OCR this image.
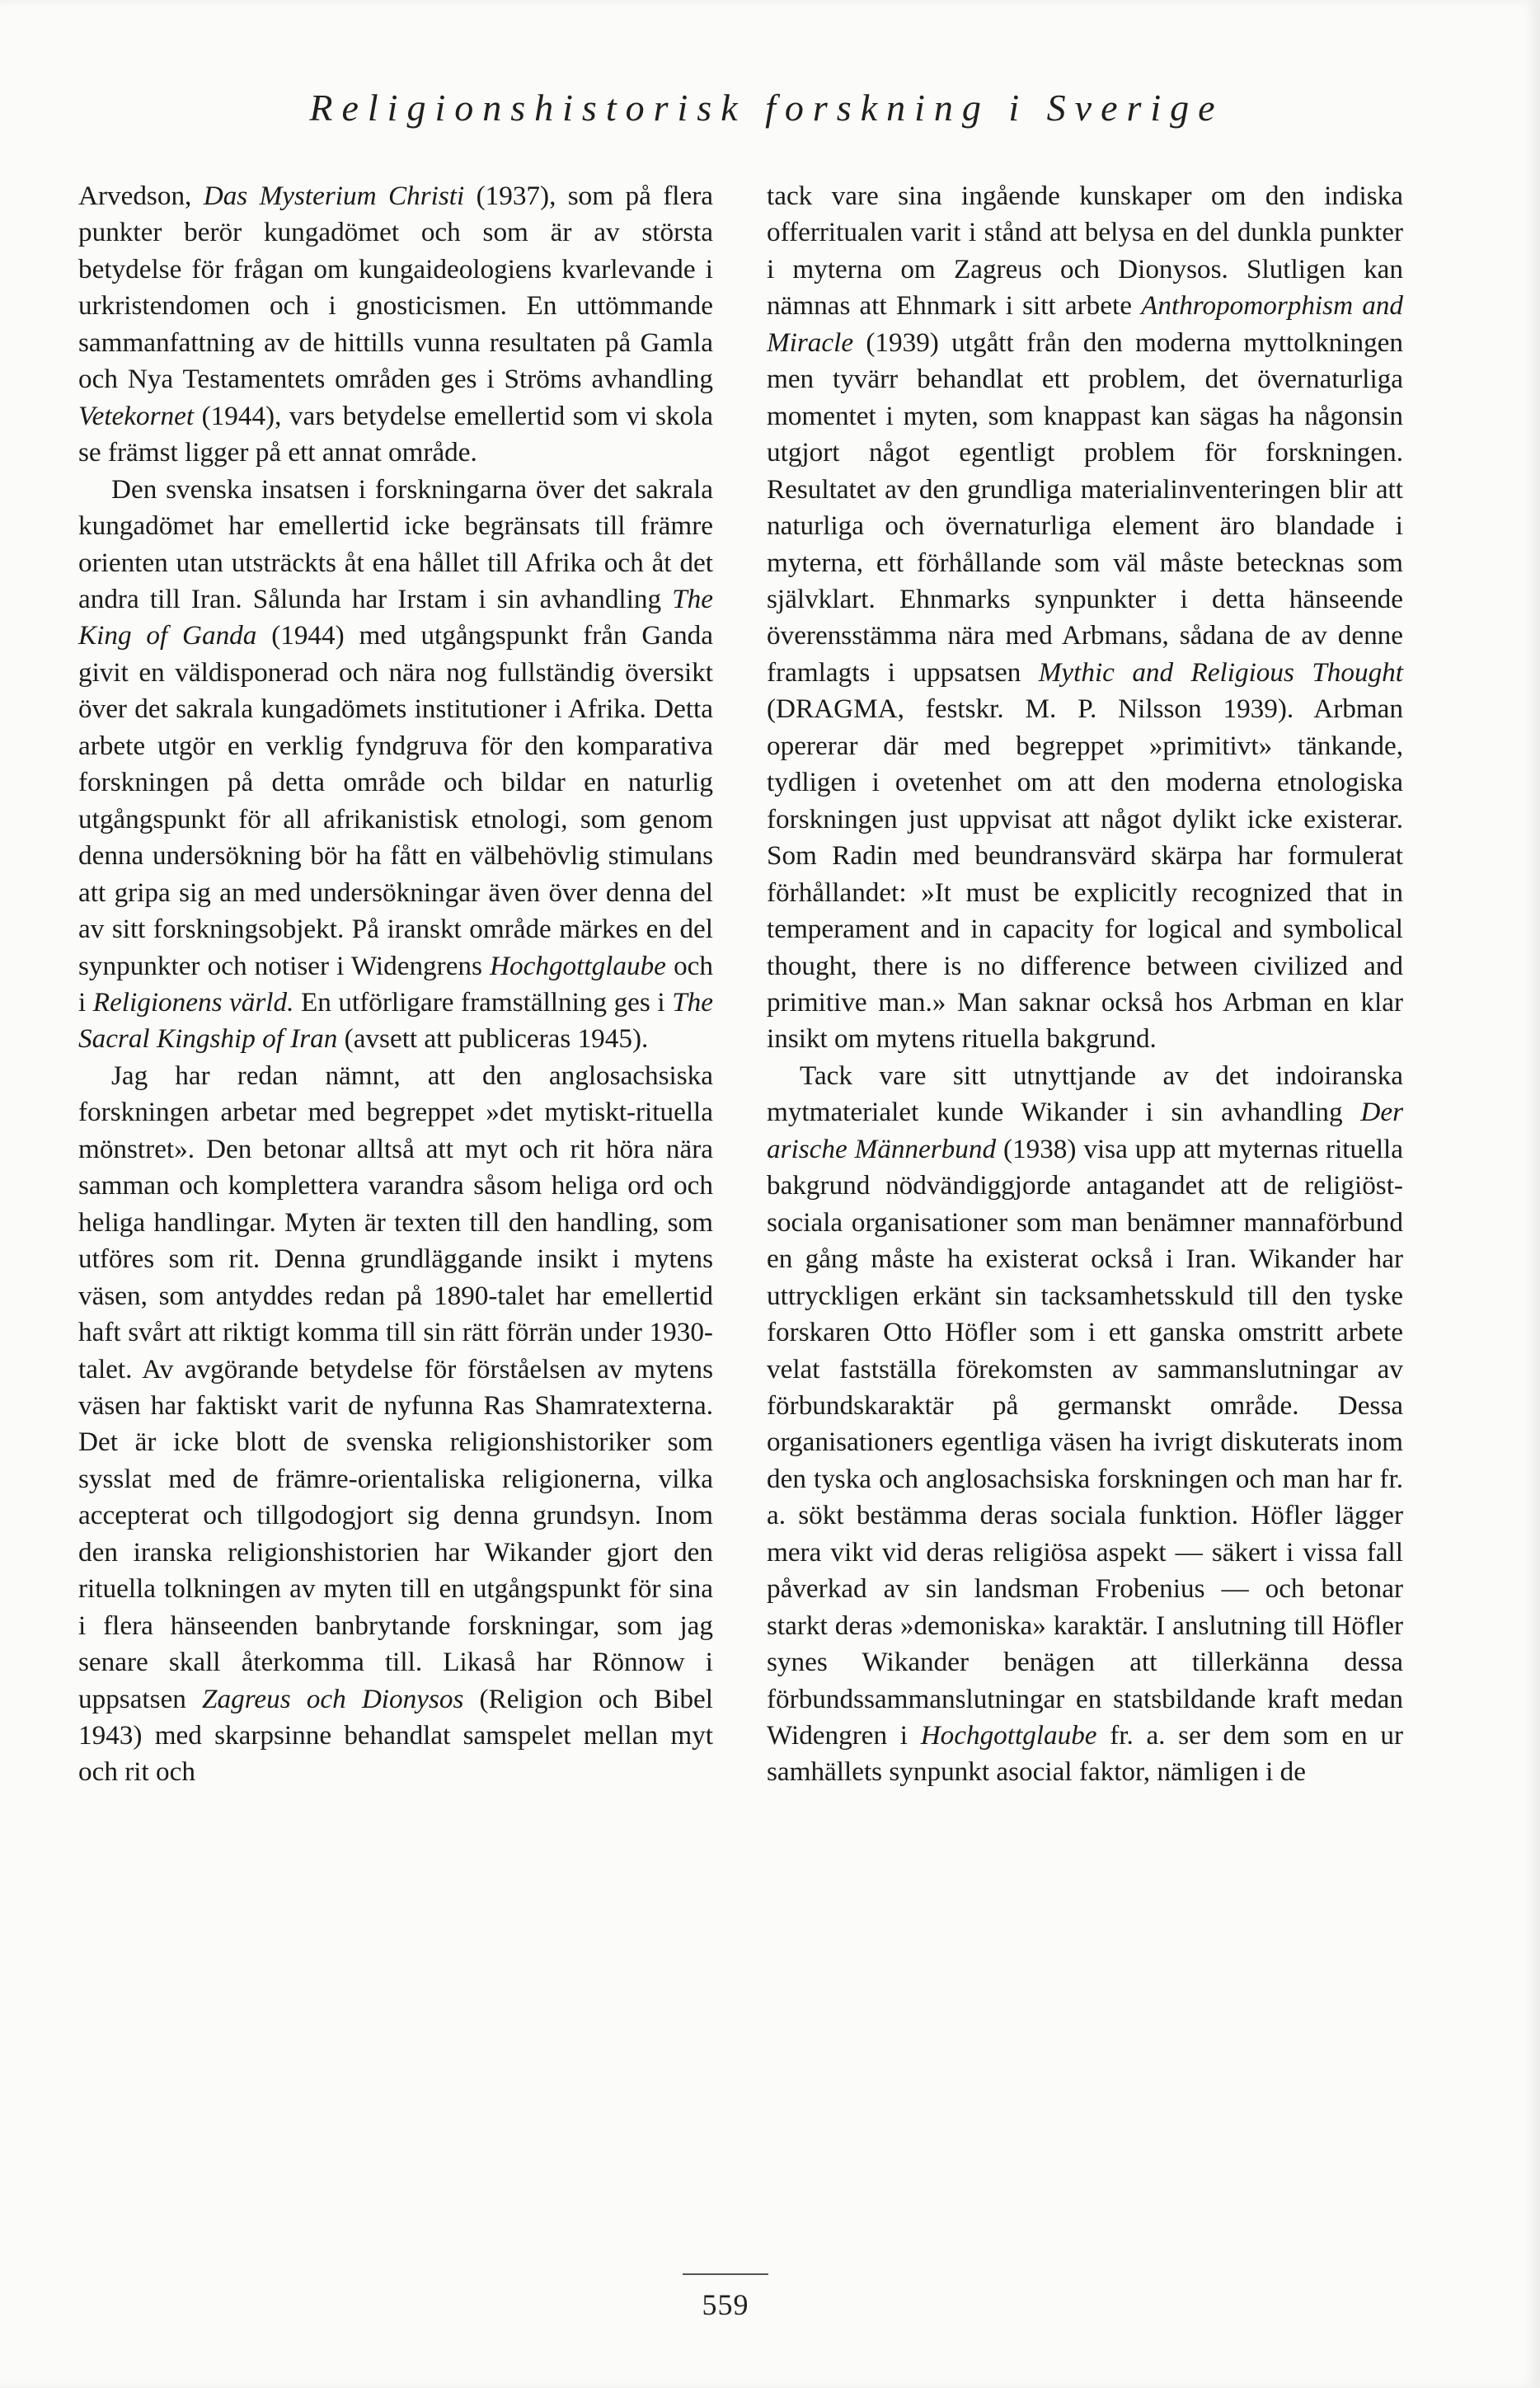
Religionshistorisk forskning i Sverige

Arvedson, Das Mysterium Christi (1937), som på flera punkter berör kungadömet och som är av största betydelse för frågan om kungaideologiens kvarlevande i urkristendomen och i gnosticismen. En uttömmande sammanfattning av de hittills vunna resultaten på Gamla och Nya Testamentets områden ges i Ströms avhandling Vetekornet (1944), vars betydelse emellertid som vi skola se främst ligger på ett annat område.

Den svenska insatsen i forskningarna över det sakrala kungadömet har emellertid icke begränsats till främre orienten utan utsträckts åt ena hållet till Afrika och åt det andra till Iran. Sålunda har Irstam i sin avhandling The King of Ganda (1944) med utgångspunkt från Ganda givit en väldisponerad och nära nog fullständig översikt över det sakrala kungadömets institutioner i Afrika. Detta arbete utgör en verklig fyndgruva för den komparativa forskningen på detta område och bildar en naturlig utgångspunkt för all afrikanistisk etnologi, som genom denna undersökning bör ha fått en välbehövlig stimulans att gripa sig an med undersökningar även över denna del av sitt forskningsobjekt. På iranskt område märkes en del synpunkter och notiser i Widengrens Hochgottglaube och i Religionens värld. En utförligare framställning ges i The Sacral Kingship of Iran (avsett att publiceras 1945).

Jag har redan nämnt, att den anglosachsiska forskningen arbetar med begreppet »det mytiskt-rituella mönstret». Den betonar alltså att myt och rit höra nära samman och komplettera varandra såsom heliga ord och heliga handlingar. Myten är texten till den handling, som utföres som rit. Denna grundläggande insikt i mytens väsen, som antyddes redan på 1890-talet har emellertid haft svårt att riktigt komma till sin rätt förrän under 1930-talet. Av avgörande betydelse för förståelsen av mytens väsen har faktiskt varit de nyfunna Ras Shamratexterna. Det är icke blott de svenska religionshistoriker som sysslat med de främre-orientaliska religionerna, vilka accepterat och tillgodogjort sig denna grundsyn. Inom den iranska religionshistorien har Wikander gjort den rituella tolkningen av myten till en utgångspunkt för sina i flera hänseenden banbrytande forskningar, som jag senare skall återkomma till. Likaså har Rönnow i uppsatsen Zagreus och Dionysos (Religion och Bibel 1943) med skarpsinne behandlat samspelet mellan myt och rit och

tack vare sina ingående kunskaper om den indiska offerritualen varit i stånd att belysa en del dunkla punkter i myterna om Zagreus och Dionysos. Slutligen kan nämnas att Ehnmark i sitt arbete Anthropomorphism and Miracle (1939) utgått från den moderna myttolkningen men tyvärr behandlat ett problem, det övernaturliga momentet i myten, som knappast kan sägas ha någonsin utgjort något egentligt problem för forskningen. Resultatet av den grundliga materialinventeringen blir att naturliga och övernaturliga element äro blandade i myterna, ett förhållande som väl måste betecknas som självklart. Ehnmarks synpunkter i detta hänseende överensstämma nära med Arbmans, sådana de av denne framlagts i uppsatsen Mythic and Religious Thought (DRAGMA, festskr. M. P. Nilsson 1939). Arbman opererar där med begreppet »primitivt» tänkande, tydligen i ovetenhet om att den moderna etnologiska forskningen just uppvisat att något dylikt icke existerar. Som Radin med beundransvärd skärpa har formulerat förhållandet: »It must be explicitly recognized that in temperament and in capacity for logical and symbolical thought, there is no difference between civilized and primitive man.» Man saknar också hos Arbman en klar insikt om mytens rituella bakgrund.

Tack vare sitt utnyttjande av det indoiranska mytmaterialet kunde Wikander i sin avhandling Der arische Männerbund (1938) visa upp att myternas rituella bakgrund nödvändiggjorde antagandet att de religiöst-sociala organisationer som man benämner mannaförbund en gång måste ha existerat också i Iran. Wikander har uttryckligen erkänt sin tacksamhetsskuld till den tyske forskaren Otto Höfler som i ett ganska omstritt arbete velat fastställa förekomsten av sammanslutningar av förbundskaraktär på germanskt område. Dessa organisationers egentliga väsen ha ivrigt diskuterats inom den tyska och anglosachsiska forskningen och man har fr. a. sökt bestämma deras sociala funktion. Höfler lägger mera vikt vid deras religiösa aspekt — säkert i vissa fall påverkad av sin landsman Frobenius — och betonar starkt deras »demoniska» karaktär. I anslutning till Höfler synes Wikander benägen att tillerkänna dessa förbundssammanslutningar en statsbildande kraft medan Widengren i Hochgottglaube fr. a. ser dem som en ur samhällets synpunkt asocial faktor, nämligen i de

559
